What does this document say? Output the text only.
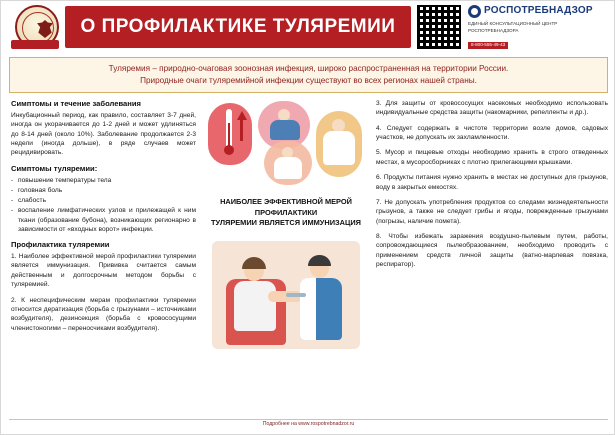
О ПРОФИЛАКТИКЕ ТУЛЯРЕМИИ
РОСПОТРЕБНАДЗОР
ЕДИНЫЙ КОНСУЛЬТАЦИОННЫЙ ЦЕНТР
РОСПОТРЕБНАДЗОРА
8-800-555-49-43

Туляремия – природно-очаговая зоонозная инфекция, широко распространенная на территории России.

Природные очаги туляремийной инфекции существуют во всех регионах нашей страны.

Симптомы и течение заболевания

Инкубационный период, как правило, составляет 3-7 дней, иногда он укорачивается до 1-2 дней и может удлиняться до 8-14 дней (около 10%). Заболевание продолжается 2-3 недели (иногда дольше), в ряде случаев может рецидивировать.

Симптомы туляремии:
- повышение температуры тела
- головная боль
- слабость
- воспаление лимфатических узлов и прилежащей к ним ткани (образование бубона), возникающих регионарно в зависимости от «входных ворот» инфекции.
Профилактика туляремии
1. Наиболее эффективной мерой профилактики туляремии является иммунизация. Прививка считается самым действенным и долгосрочным методом борьбы с туляремией.
2. К неспецифическим мерам профилактики туляремии относится дератизация (борьба с грызунами – источниками возбудителя), дезинсекция (борьба с кровососущими членистоногими – переносчиками возбудителя).

НАИБОЛЕЕ ЭФФЕКТИВНОЙ МЕРОЙ ПРОФИЛАКТИКИ
ТУЛЯРЕМИИ ЯВЛЯЕТСЯ ИММУНИЗАЦИЯ

3. Для защиты от кровососущих насекомых необходимо использовать индивидуальные средства защиты (накомарники, репелленты и др.).
4. Следует содержать в чистоте территории возле домов, садовых участков, не допускать их захламленности.
5. Мусор и пищевые отходы необходимо хранить в строго отведенных местах, в мусоросборниках с плотно прилегающими крышками.
6. Продукты питания нужно хранить в местах не доступных для грызунов, воду в закрытых емкостях.
7. Не допускать употребления продуктов со следами жизнедеятельности грызунов, а также не следует грибы и ягоды, поврежденные грызунами (погрызы, наличие помета).
8. Чтобы избежать заражения воздушно-пылевым путем, работы, сопровождающиеся пылеобразованием, необходимо проводить с применением средств личной защиты (ватно-марлевая повязка, респиратор).
Подробнее на www.rospotrebnadzor.ru
